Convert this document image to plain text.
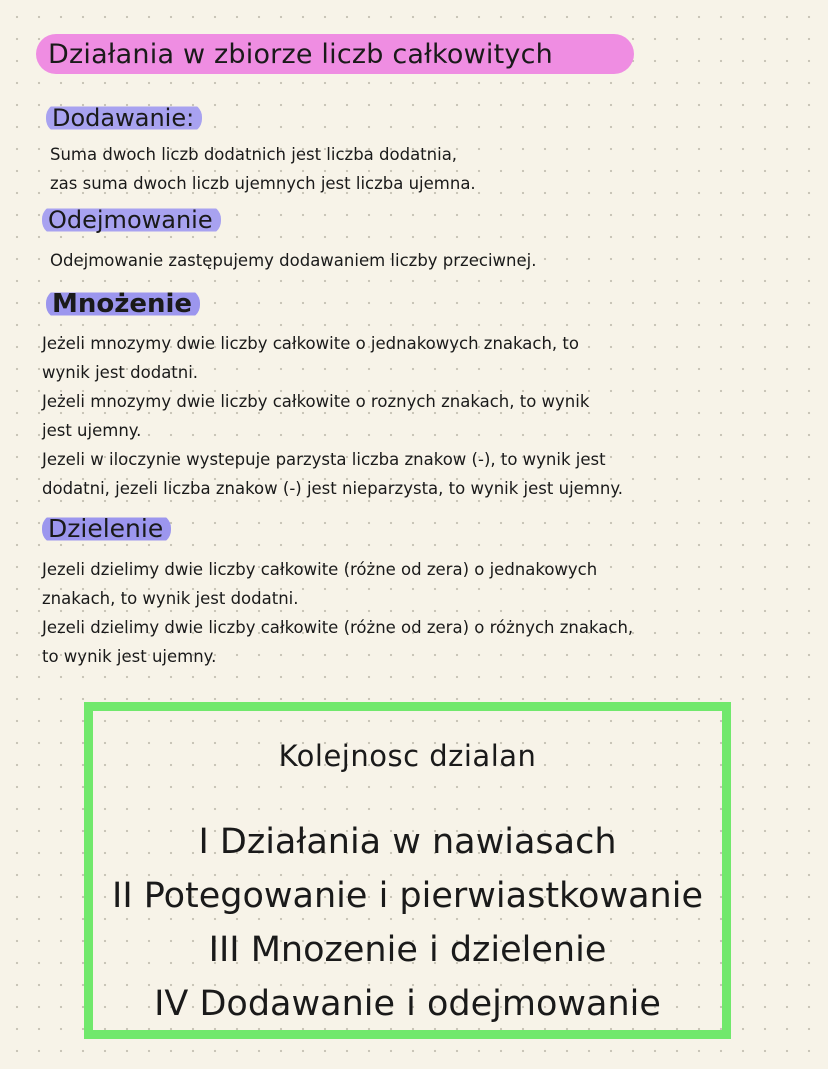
Działania w zbiorze liczb całkowitych
Dodawanie:
Suma dwoch liczb dodatnich jest liczba dodatnia,
zas suma dwoch liczb ujemnych jest liczba ujemna.
Odejmowanie
Odejmowanie zastępujemy dodawaniem liczby przeciwnej.
Mnożenie
Jeżeli mnozymy dwie liczby całkowite o jednakowych znakach, to
wynik jest dodatni.
Jeżeli mnozymy dwie liczby całkowite o roznych znakach, to wynik
jest ujemny.
Jezeli w iloczynie wystepuje parzysta liczba znakow (-), to wynik jest
dodatni, jezeli liczba znakow (-) jest nieparzysta, to wynik jest ujemny.
Dzielenie
Jezeli dzielimy dwie liczby całkowite (różne od zera) o jednakowych
znakach, to wynik jest dodatni.
Jezeli dzielimy dwie liczby całkowite (różne od zera) o różnych znakach,
to wynik jest ujemny.
Kolejnosc dzialan
I Działania w nawiasach
II Potegowanie i pierwiastkowanie
III Mnozenie i dzielenie
IV Dodawanie i odejmowanie
